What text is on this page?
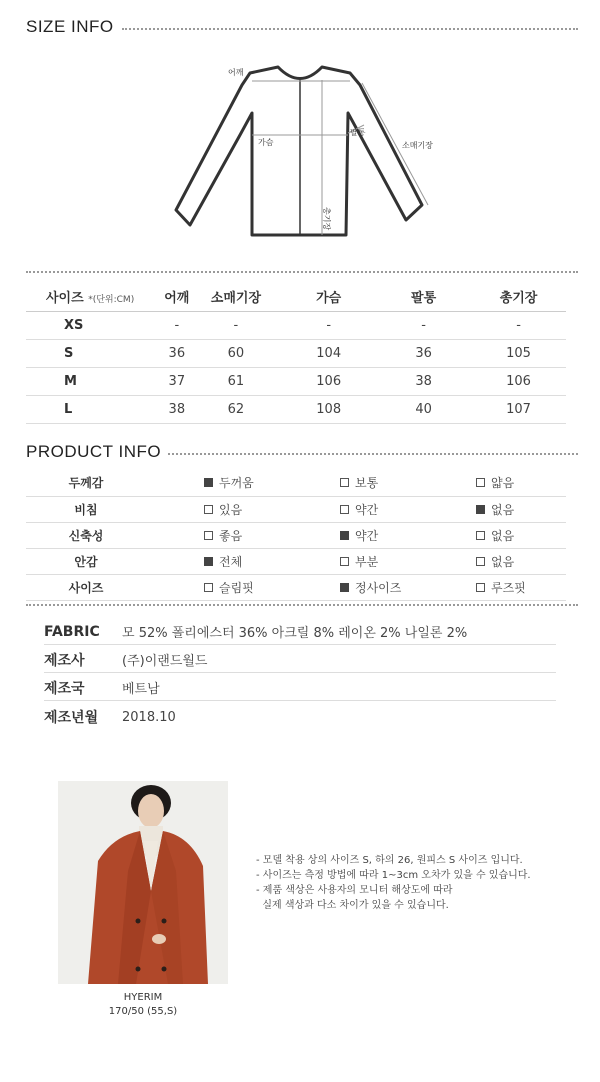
SIZE INFO
어깨
가슴
팔통
소매기장
총기장
사이즈 *(단위:CM)	어깨	소매기장	가슴	팔통	총기장
XS	-	-	-	-	-
S	36	60	104	36	105
M	37	61	106	38	106
L	38	62	108	40	107
PRODUCT INFO
두께감	두꺼움	보통	얇음

비침	있음	약간	없음

신축성	좋음	약간	없음

안감	전체	부분	없음

사이즈	슬림핏	정사이즈	루즈핏
FABRIC	모 52% 폴리에스터 36% 아크릴 8% 레이온 2% 나일론 2%
제조사	(주)이랜드월드
제조국	베트남
제조년월	2018.10
HYERIM
170/50 (55,S)
- 모델 착용 상의 사이즈 S, 하의 26, 원피스 S 사이즈 입니다.
- 사이즈는 측정 방법에 따라 1~3cm 오차가 있을 수 있습니다.
- 제품 색상은 사용자의 모니터 해상도에 따라
실제 색상과 다소 차이가 있을 수 있습니다.
